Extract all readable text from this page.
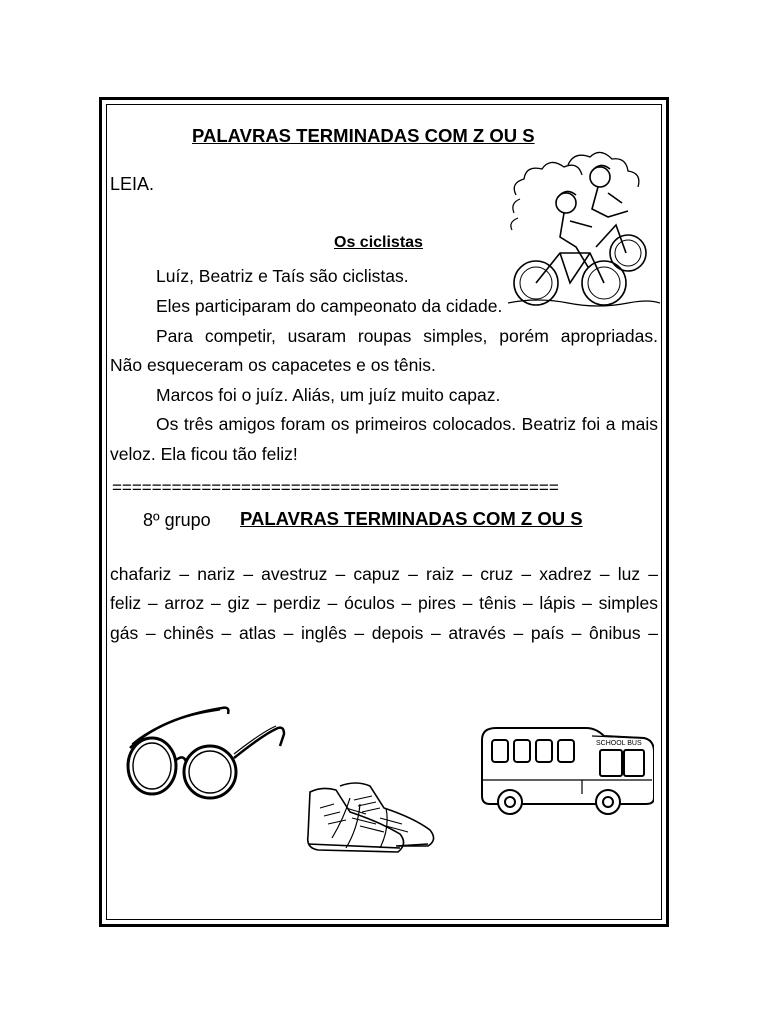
PALAVRAS TERMINADAS COM Z OU S
LEIA.
Os ciclistas
Luíz, Beatriz e Taís são ciclistas.
Eles participaram do campeonato da cidade.
Para competir, usaram roupas simples, porém apropriadas.
Não esqueceram os capacetes e os tênis.
Marcos foi o juíz. Aliás, um juíz muito capaz.
Os três amigos foram os primeiros colocados. Beatriz foi a mais
veloz. Ela ficou tão feliz!
=============================================
8º grupo PALAVRAS TERMINADAS COM Z OU S
chafariz – nariz – avestruz – capuz – raiz – cruz – xadrez – luz –
feliz – arroz – giz – perdiz – óculos – pires – tênis – lápis – simples
gás – chinês – atlas – inglês – depois – através – país – ônibus –
SCHOOL BUS
